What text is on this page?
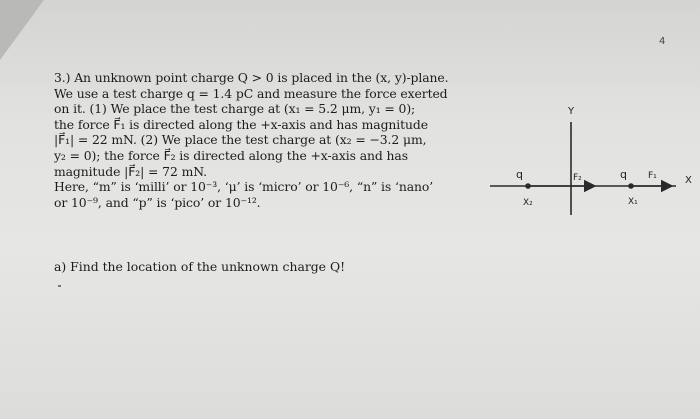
4
3.) An unknown point charge Q > 0 is placed in the (x, y)-plane.
We use a test charge q = 1.4 pC and measure the force exerted
on it. (1) We place the test charge at (x₁ = 5.2 μm, y₁ = 0);
the force F⃗₁ is directed along the +x-axis and has magnitude
|F⃗₁| = 22 mN. (2) We place the test charge at (x₂ = −3.2 μm,
y₂ = 0); the force F⃗₂ is directed along the +x-axis and has
magnitude |F⃗₂| = 72 mN.
Here, “m” is ‘milli’ or 10⁻³, ‘μ’ is ‘micro’ or 10⁻⁶, “n” is ‘nano’
or 10⁻⁹, and “p” is ‘pico’ or 10⁻¹².
a) Find the location of the unknown charge Q!
Y
X
q
X₂
F₂	q
X₁
F₁
